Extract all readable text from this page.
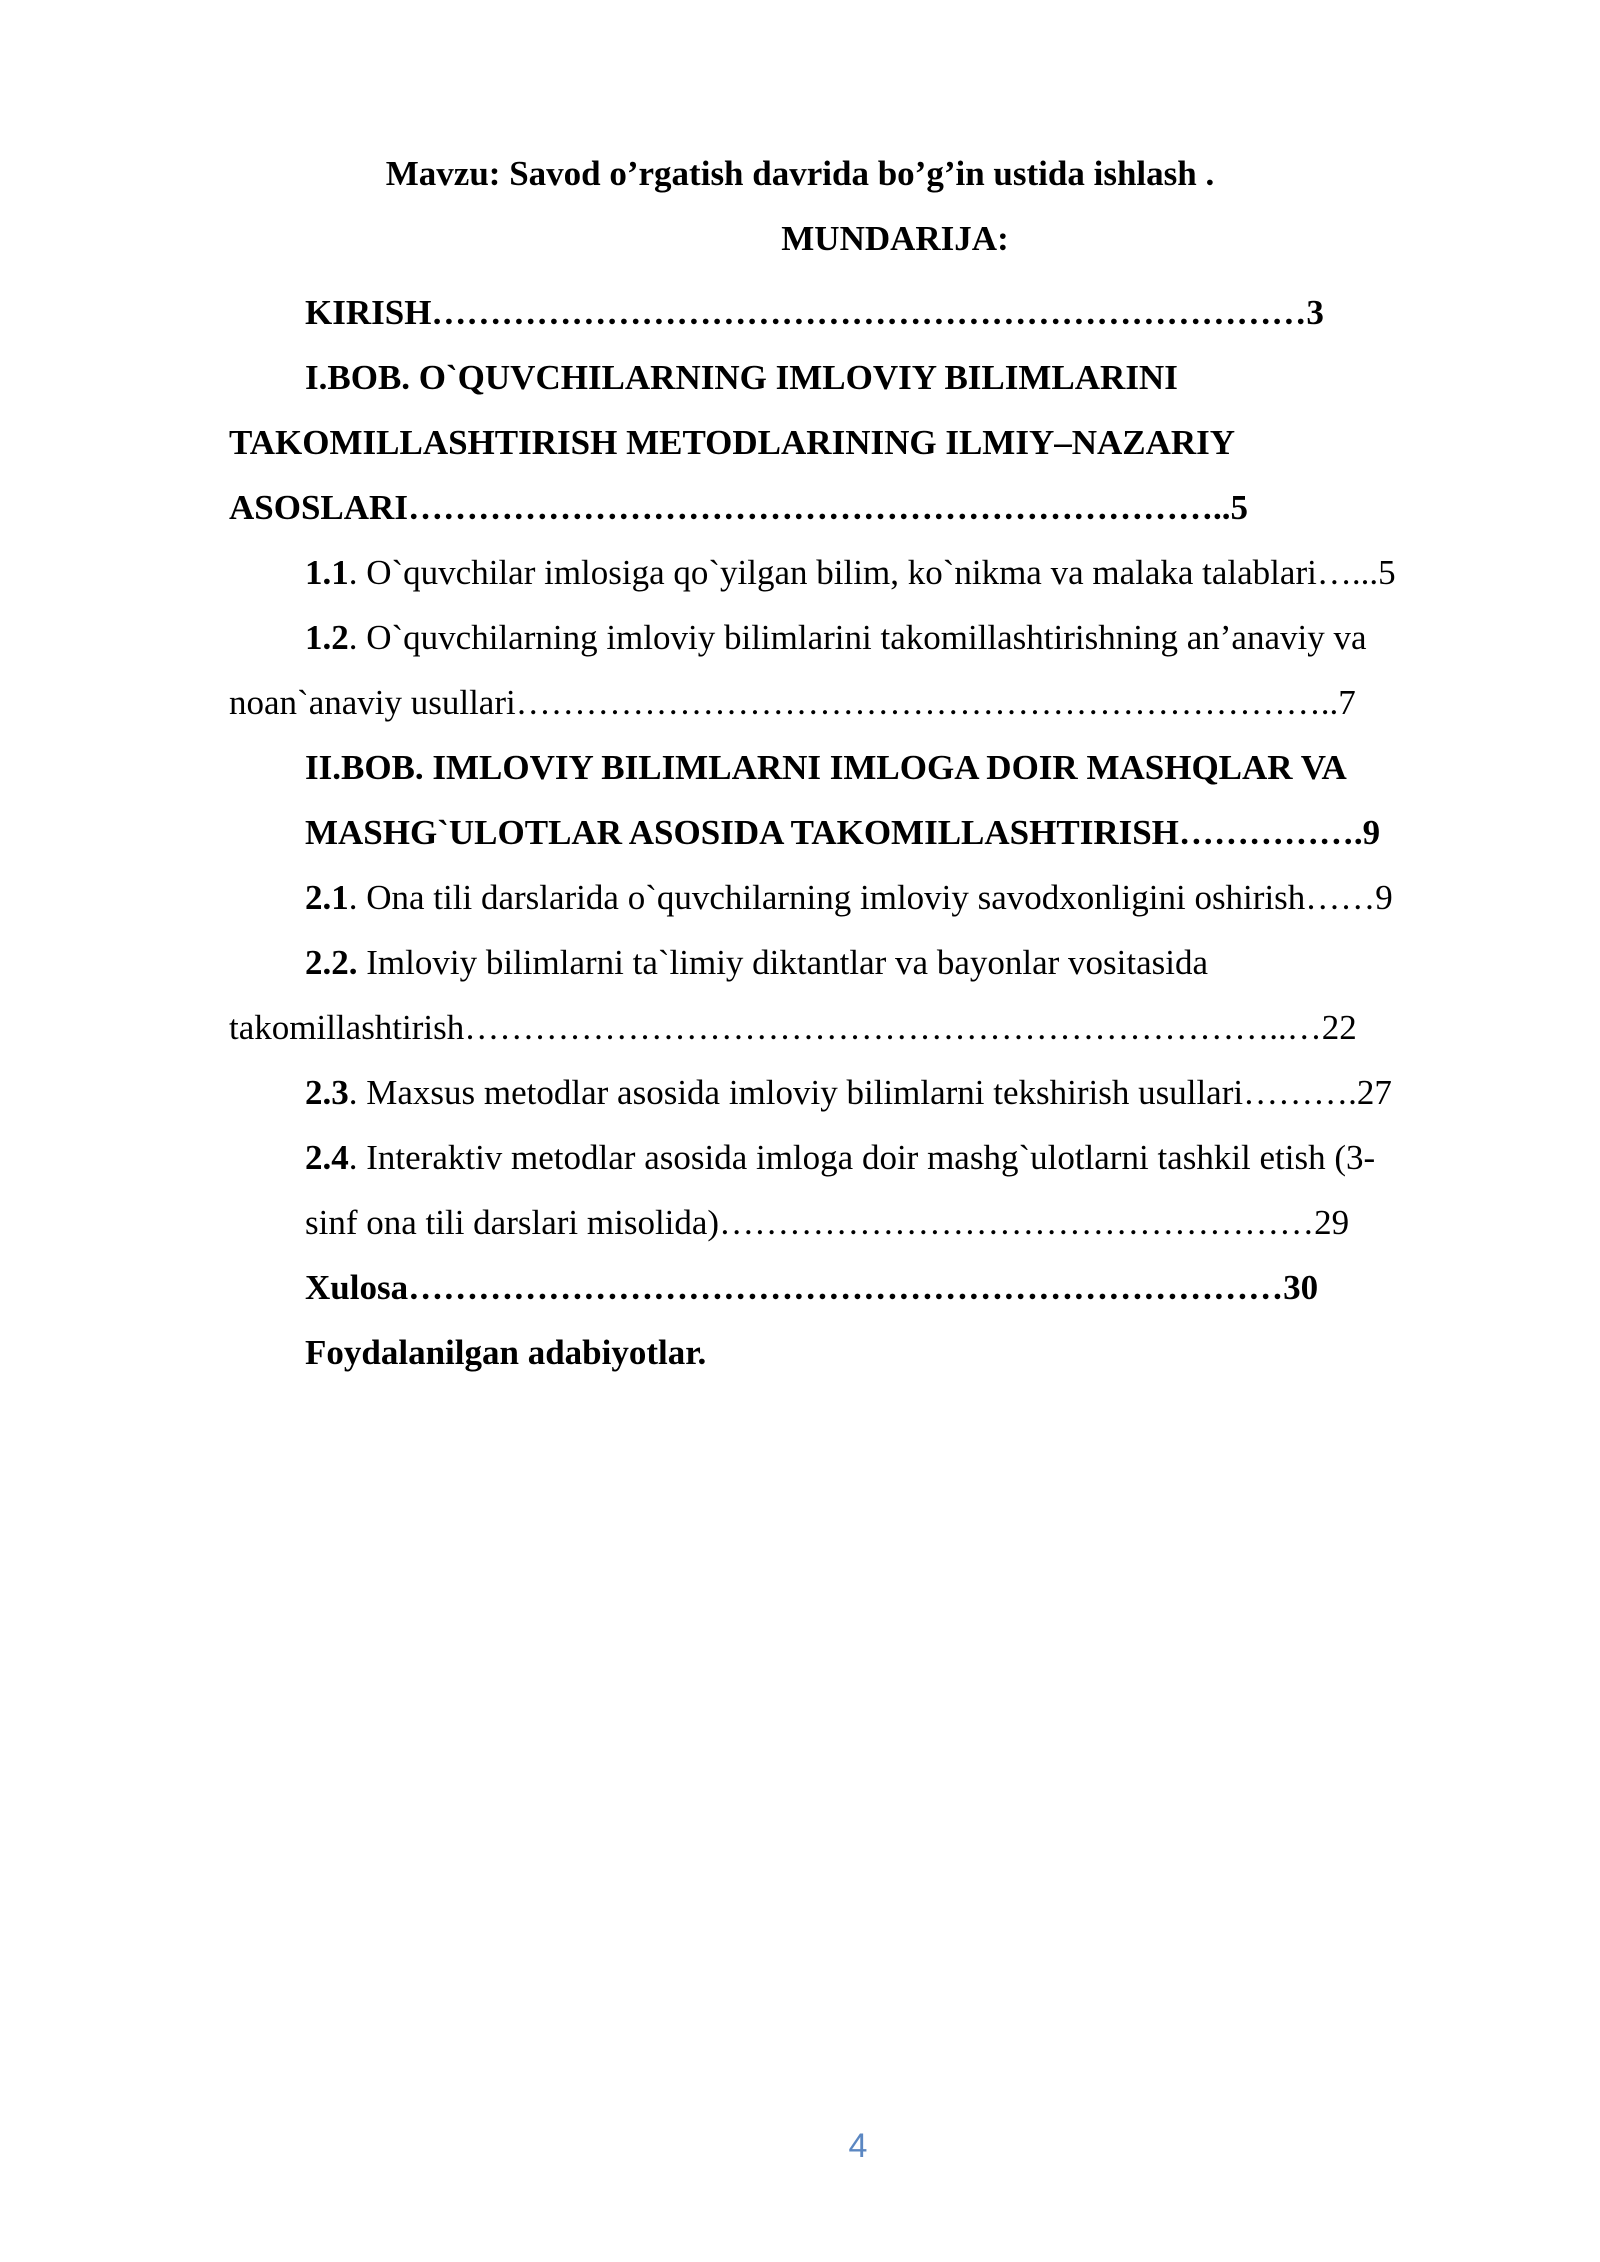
Mavzu: Savod o’rgatish davrida bo’g’in ustida ishlash .
MUNDARIJA:
KIRISH…………………………………………………………………3
I.BOB. O`QUVCHILARNING IMLOVIY BILIMLARINI
TAKOMILLASHTIRISH METODLARINING ILMIY–NAZARIY
ASOSLARI……………………………………………………………..5
1.1. O`quvchilar imlosiga qo`yilgan bilim, ko`nikma va malaka talablari…...5
1.2. O`quvchilarning imloviy bilimlarini takomillashtirishning an’anaviy va
noan`anaviy usullari……………………………………………………………..7
II.BOB. IMLOVIY BILIMLARNI IMLOGA DOIR MASHQLAR VA
MASHG`ULOTLAR ASOSIDA TAKOMILLASHTIRISH…………….9
2.1. Ona tili darslarida o`quvchilarning imloviy savodxonligini oshirish……9
2.2. Imloviy bilimlarni ta`limiy diktantlar va bayonlar vositasida
takomillashtirish……………………………………………………………..…22
2.3. Maxsus metodlar asosida imloviy bilimlarni tekshirish usullari……….27
2.4. Interaktiv metodlar asosida imloga doir mashg`ulotlarni tashkil etish (3-
sinf ona tili darslari misolida)……………………………………………29
Xulosa…………………………………………………………………30
Foydalanilgan adabiyotlar.
4
